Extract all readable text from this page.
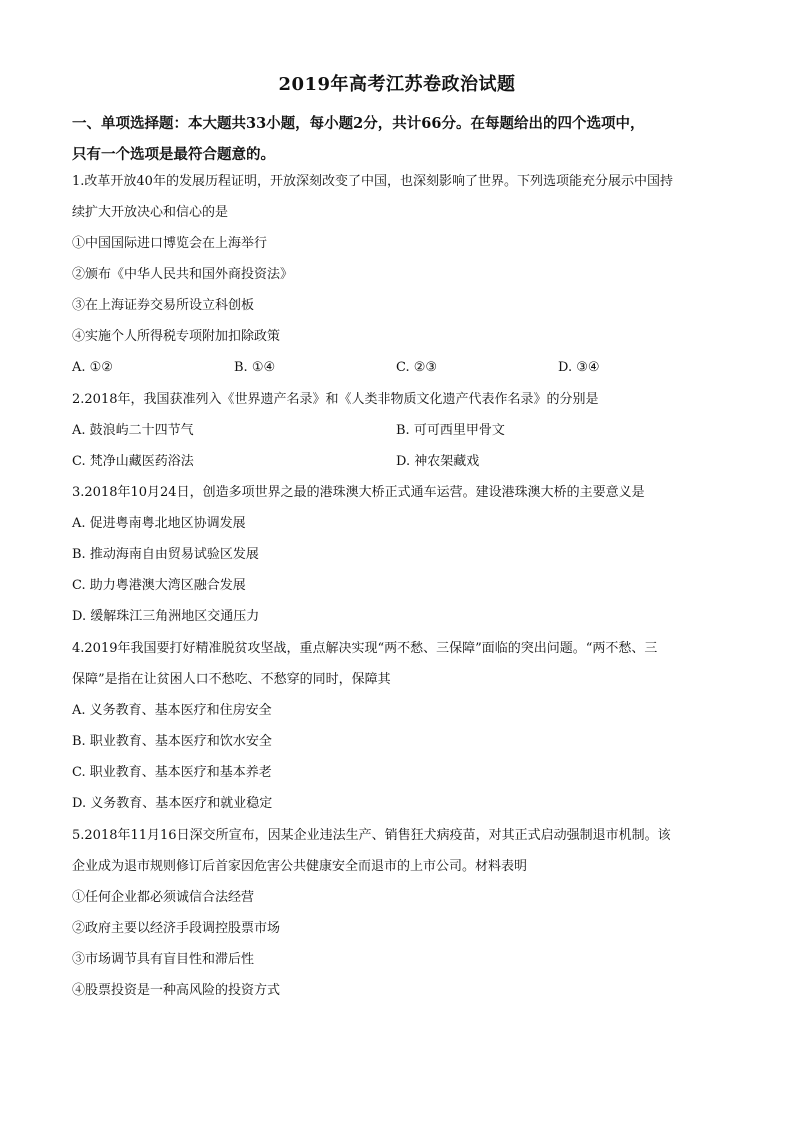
2019年高考江苏卷政治试题
一、单项选择题：本大题共33小题，每小题2分，共计66分。在每题给出的四个选项中，
只有一个选项是最符合题意的。
1.改革开放40年的发展历程证明，开放深刻改变了中国，也深刻影响了世界。下列选项能充分展示中国持
续扩大开放决心和信心的是
①中国国际进口博览会在上海举行
②颁布《中华人民共和国外商投资法》
③在上海证券交易所设立科创板
④实施个人所得税专项附加扣除政策
A. ①②	B. ①④	C. ②③	D. ③④
2.2018年，我国获准列入《世界遗产名录》和《人类非物质文化遗产代表作名录》的分别是
A. 鼓浪屿二十四节气	B. 可可西里甲骨文
C. 梵净山藏医药浴法	D. 神农架藏戏
3.2018年10月24日，创造多项世界之最的港珠澳大桥正式通车运营。建设港珠澳大桥的主要意义是
A. 促进粤南粤北地区协调发展
B. 推动海南自由贸易试验区发展
C. 助力粤港澳大湾区融合发展
D. 缓解珠江三角洲地区交通压力
4.2019年我国要打好精准脱贫攻坚战，重点解决实现“两不愁、三保障”面临的突出问题。“两不愁、三
保障”是指在让贫困人口不愁吃、不愁穿的同时，保障其
A. 义务教育、基本医疗和住房安全
B. 职业教育、基本医疗和饮水安全
C. 职业教育、基本医疗和基本养老
D. 义务教育、基本医疗和就业稳定
5.2018年11月16日深交所宣布，因某企业违法生产、销售狂犬病疫苗，对其正式启动强制退市机制。该
企业成为退市规则修订后首家因危害公共健康安全而退市的上市公司。材料表明
①任何企业都必须诚信合法经营
②政府主要以经济手段调控股票市场
③市场调节具有盲目性和滞后性
④股票投资是一种高风险的投资方式
